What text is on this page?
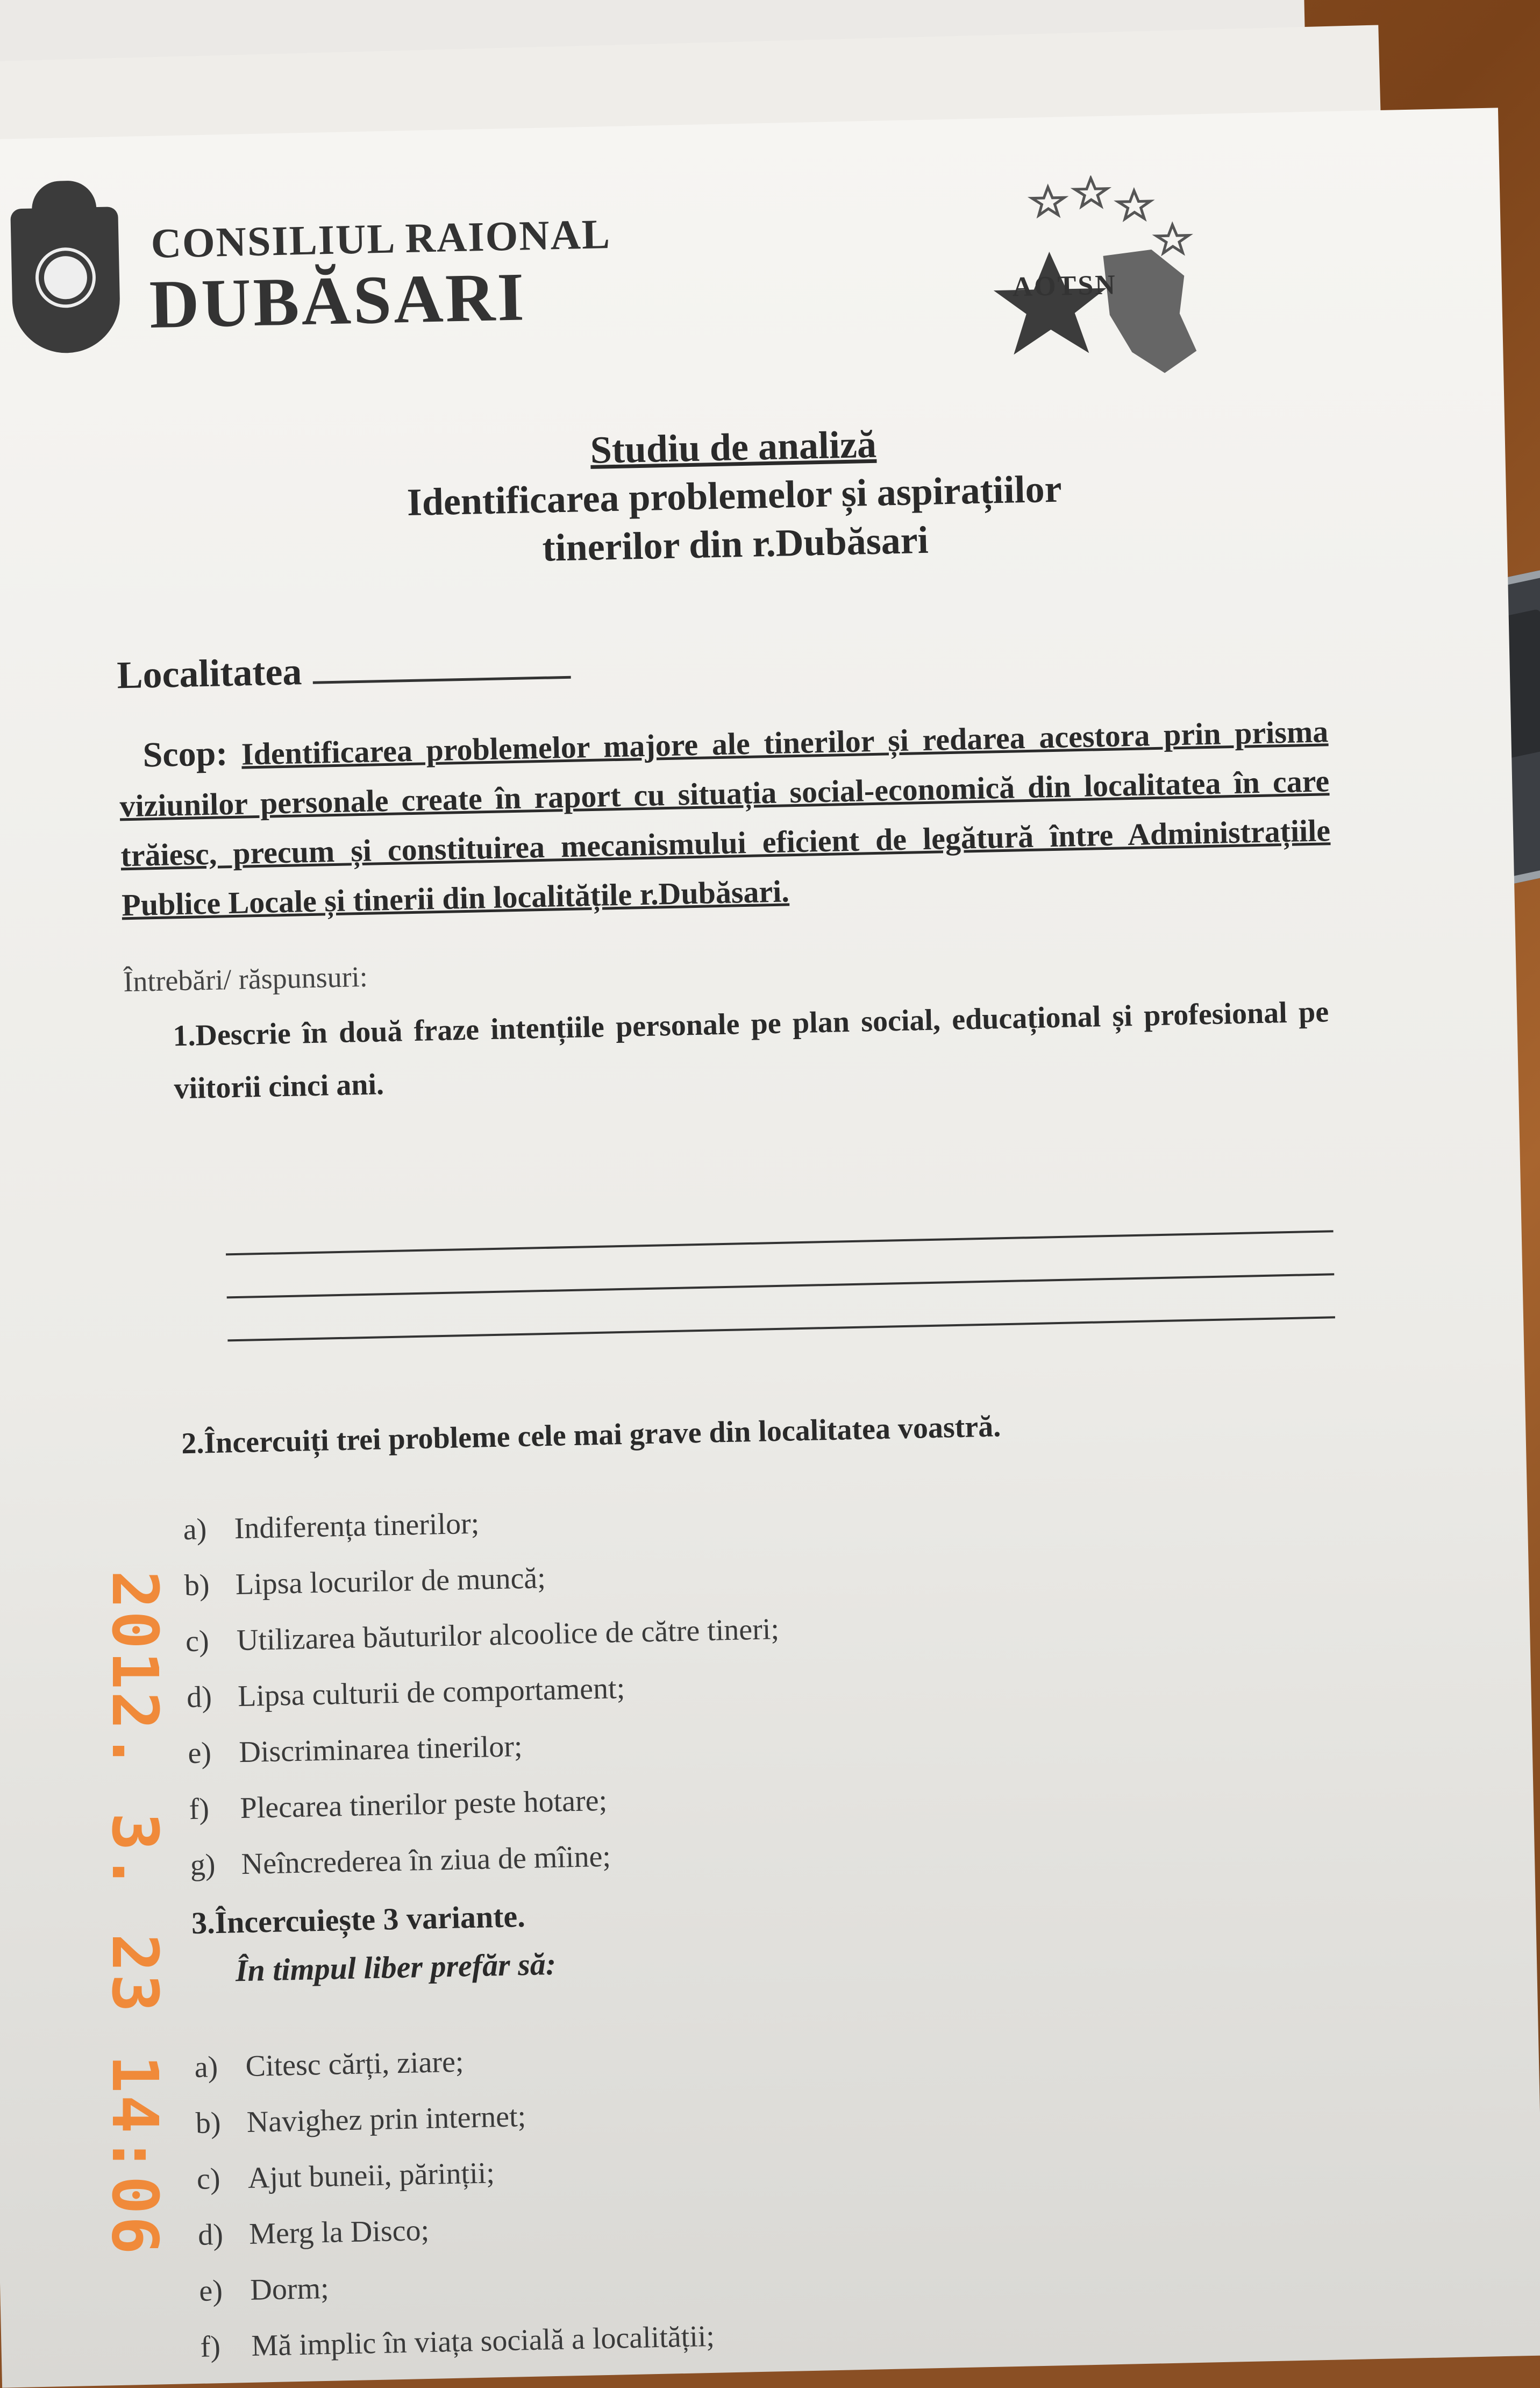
CONSILIUL RAIONAL
DUBĂSARI	AOTSN
Studiu de analiză
Identificarea problemelor și aspirațiilor
tinerilor din r.Dubăsari
Localitatea
Scop: Identificarea problemelor majore ale tinerilor și redarea acestora prin prisma viziunilor personale create în raport cu situația social-economică din localitatea în care trăiesc, precum și constituirea mecanismului eficient de legătură între Administrațiile Publice Locale și tinerii din localitățile r.Dubăsari.
Întrebări/ răspunsuri:
1.Descrie în două fraze intențiile personale pe plan social, educațional și profesional pe viitorii cinci ani.
2.Încercuiți trei probleme cele mai grave din localitatea voastră.
a) Indiferența tinerilor;
b) Lipsa locurilor de muncă;
c) Utilizarea băuturilor alcoolice de către tineri;
d) Lipsa culturii de comportament;
e) Discriminarea tinerilor;
f) Plecarea tinerilor peste hotare;
g) Neîncrederea în ziua de mîine;
3.Încercuiește 3 variante.
În timpul liber prefăr să:
a) Citesc cărți, ziare;
b) Navighez prin internet;
c) Ajut buneii, părinții;
d) Merg la Disco;
e) Dorm;
f) Mă implic în viața socială a localității;
2012. 3. 23 14:06
